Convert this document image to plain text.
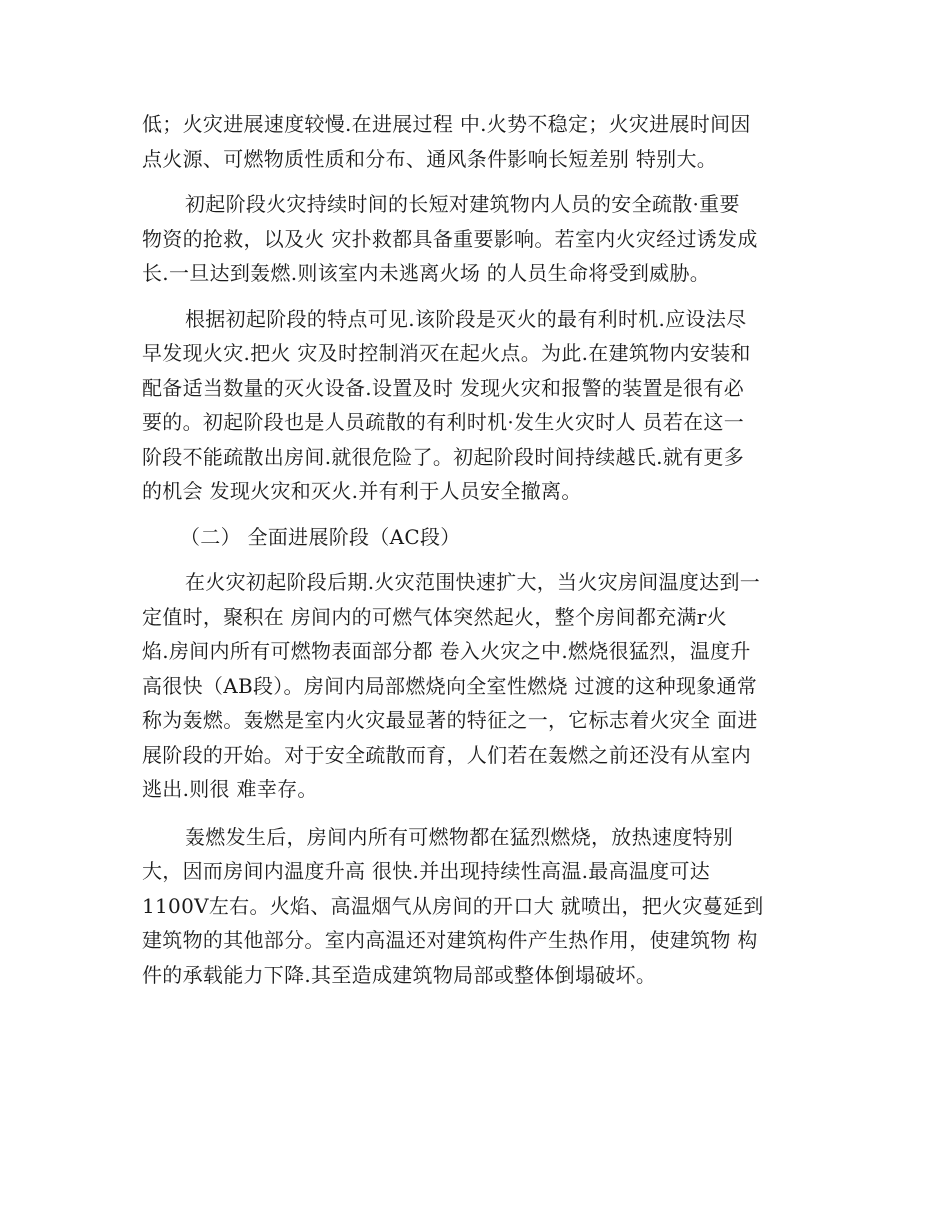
低；火灾进展速度较慢.在进展过程 中.火势不稳定；火灾进展时间因
点火源、可燃物质性质和分布、通风条件影响长短差别 特别大。
初起阶段火灾持续时间的长短对建筑物内人员的安全疏散·重要
物资的抢救，以及火 灾扑救都具备重要影响。若室内火灾经过诱发成
长.一旦达到轰燃.则该室内未逃离火场 的人员生命将受到威胁。
根据初起阶段的特点可见.该阶段是灭火的最有利时机.应设法尽
早发现火灾.把火 灾及时控制消灭在起火点。为此.在建筑物内安装和
配备适当数量的灭火设备.设置及时 发现火灾和报警的装置是很有必
要的。初起阶段也是人员疏散的有利时机·发生火灾时人 员若在这一
阶段不能疏散出房间.就很危险了。初起阶段时间持续越氏.就有更多
的机会 发现火灾和灭火.并有利于人员安全撤离。
（二） 全面进展阶段（AC段）
在火灾初起阶段后期.火灾范围快速扩大，当火灾房间温度达到一
定值时，聚积在 房间内的可燃气体突然起火，整个房间都充满r火
焰.房间内所有可燃物表面部分都 卷入火灾之中.燃烧很猛烈，温度升
高很快（AB段）。房间内局部燃烧向全室性燃烧 过渡的这种现象通常
称为轰燃。轰燃是室内火灾最显著的特征之一，它标志着火灾全 面进
展阶段的开始。对于安全疏散而育，人们若在轰燃之前还没有从室内
逃出.则很 难幸存。
轰燃发生后，房间内所有可燃物都在猛烈燃烧，放热速度特别
大，因而房间内温度升高 很快.并出现持续性高温.最高温度可达
1100V左右。火焰、高温烟气从房间的开口大 就喷出，把火灾蔓延到
建筑物的其他部分。室内高温还对建筑构件产生热作用，使建筑物 构
件的承载能力下降.其至造成建筑物局部或整体倒塌破坏。
